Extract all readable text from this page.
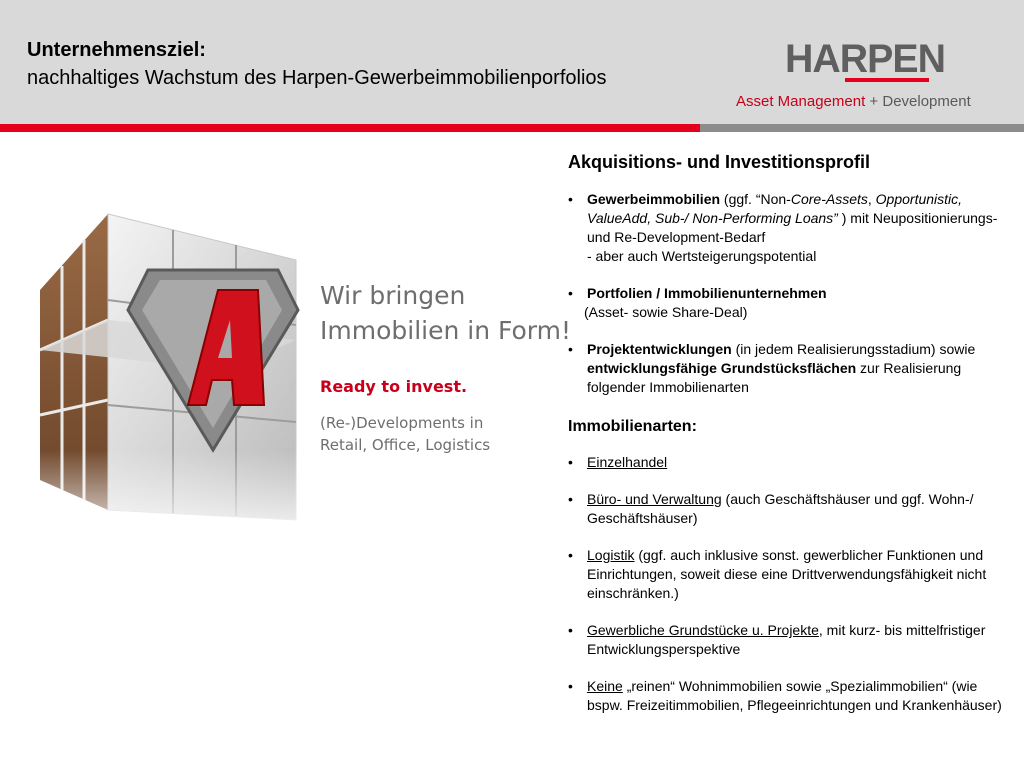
Unternehmensziel:
nachhaltiges Wachstum des Harpen-Gewerbeimmobilienporfolios	HARPEN
Asset Management + Development
A
Wir bringen
Immobilien in Form!
Ready to invest.
(Re-)Developments in
Retail, Office, Logistics
Akquisitions- und Investitionsprofil
• Gewerbeimmobilien (ggf. “Non-Core-Assets, Opportunistic, ValueAdd, Sub-/ Non-Performing Loans” ) mit Neupositionierungs- und Re-Development-Bedarf
- aber auch Wertsteigerungspotential
• Portfolien / Immobilienunternehmen
(Asset- sowie Share-Deal)
• Projektentwicklungen (in jedem Realisierungsstadium) sowie entwicklungsfähige Grundstücksflächen zur Realisierung folgender Immobilienarten
Immobilienarten:
• Einzelhandel
• Büro- und Verwaltung (auch Geschäftshäuser und ggf. Wohn-/ Geschäftshäuser)
• Logistik (ggf. auch inklusive sonst. gewerblicher Funktionen und Einrichtungen, soweit diese eine Drittverwendungsfähigkeit nicht einschränken.)
• Gewerbliche Grundstücke u. Projekte, mit kurz- bis mittelfristiger Entwicklungsperspektive
• Keine „reinen“ Wohnimmobilien sowie „Spezialimmobilien“ (wie bspw. Freizeitimmobilien, Pflegeeinrichtungen und Krankenhäuser)
